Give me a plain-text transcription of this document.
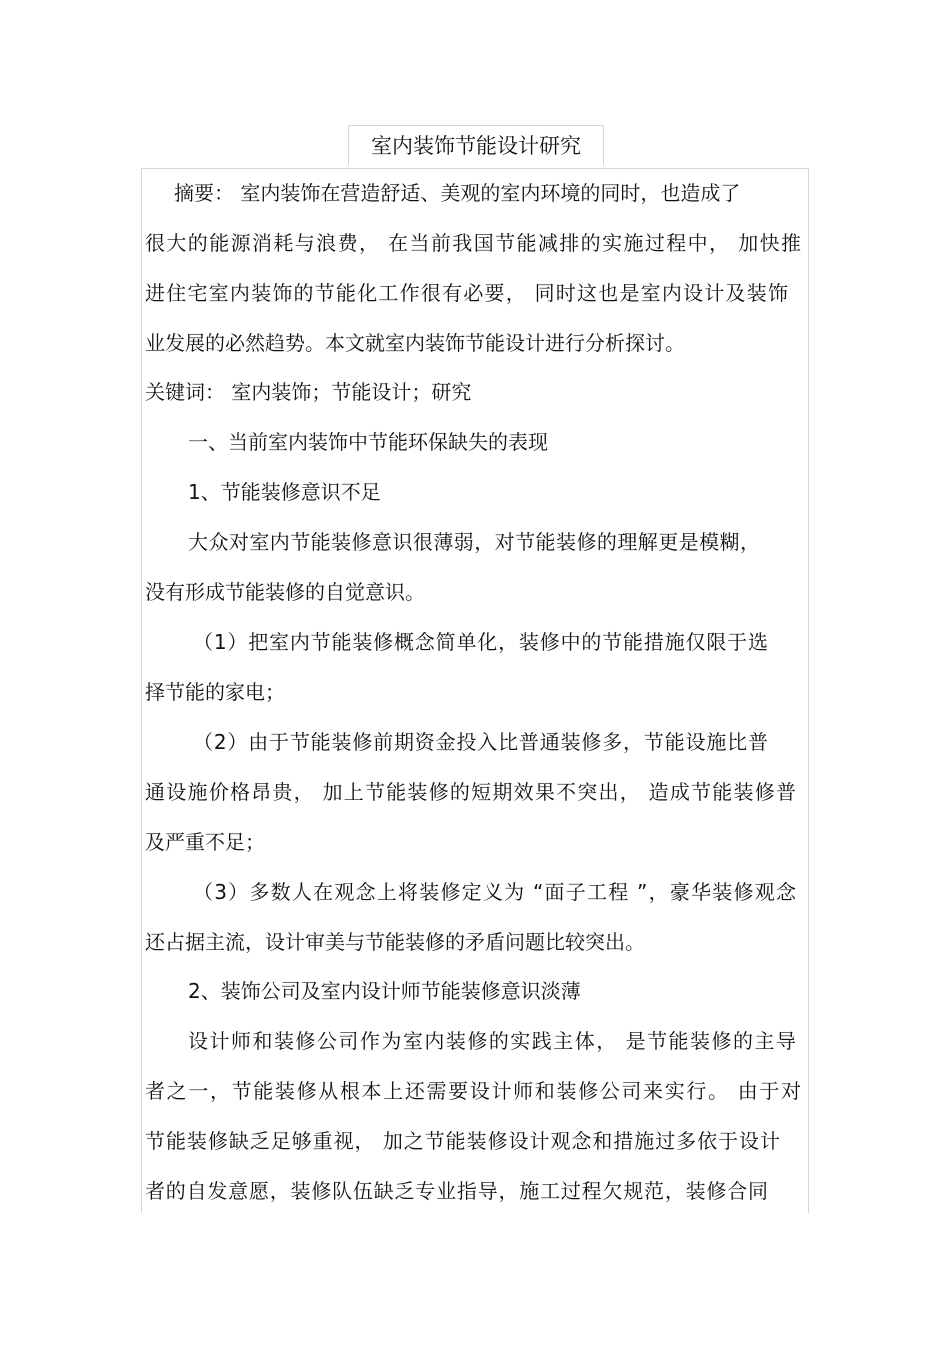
室内装饰节能设计研究
摘要： 室内装饰在营造舒适、美观的室内环境的同时，也造成了
很大的能源消耗与浪费， 在当前我国节能减排的实施过程中， 加快推
进住宅室内装饰的节能化工作很有必要， 同时这也是室内设计及装饰
业发展的必然趋势。本文就室内装饰节能设计进行分析探讨。
关键词： 室内装饰；节能设计；研究
一、当前室内装饰中节能环保缺失的表现
1、节能装修意识不足
大众对室内节能装修意识很薄弱，对节能装修的理解更是模糊，
没有形成节能装修的自觉意识。
（1）把室内节能装修概念简单化，装修中的节能措施仅限于选
择节能的家电；
（2）由于节能装修前期资金投入比普通装修多，节能设施比普
通设施价格昂贵， 加上节能装修的短期效果不突出， 造成节能装修普
及严重不足；
（3）多数人在观念上将装修定义为 “面子工程 ”，豪华装修观念
还占据主流，设计审美与节能装修的矛盾问题比较突出。
2、装饰公司及室内设计师节能装修意识淡薄
设计师和装修公司作为室内装修的实践主体， 是节能装修的主导
者之一，节能装修从根本上还需要设计师和装修公司来实行。 由于对
节能装修缺乏足够重视， 加之节能装修设计观念和措施过多依于设计
者的自发意愿，装修队伍缺乏专业指导，施工过程欠规范，装修合同
